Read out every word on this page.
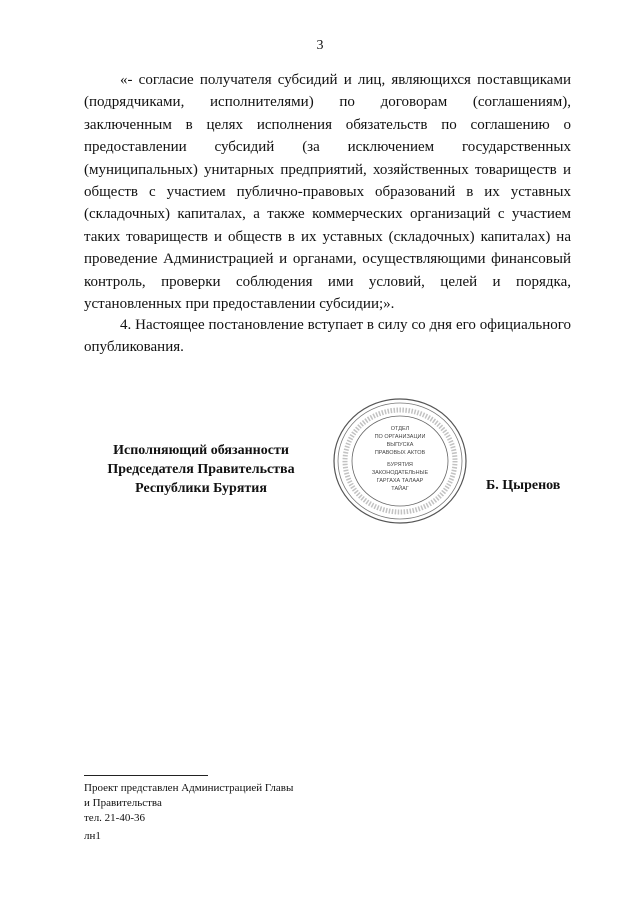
3

«- согласие получателя субсидий и лиц, являющихся поставщиками (подрядчиками, исполнителями) по договорам (соглашениям), заключенным в целях исполнения обязательств по соглашению о предоставлении субсидий (за исключением государственных (муниципальных) унитарных предприятий, хозяйственных товариществ и обществ с участием публично-правовых образований в их уставных (складочных) капиталах, а также коммерческих организаций с участием таких товариществ и обществ в их уставных (складочных) капиталах) на проведение Администрацией и органами, осуществляющими финансовый контроль, проверки соблюдения ими условий, целей и порядка, установленных при предоставлении субсидии;».

4. Настоящее постановление вступает в силу со дня его официального опубликования.

Исполняющий обязанности
Председателя Правительства
Республики Бурятия
ОТДЕЛ
ПО ОРГАНИЗАЦИИ
ВЫПУСКА
ПРАВОВЫХ АКТОВ
БУРЯТИЯ
ЗАКОНОДАТЕЛЬНЫЕ
ГАРГАХА ТАЛААР
ТАЙАГ	Б. Цыренов
Проект представлен Администрацией Главы
и Правительства
тел. 21-40-36
лн1
